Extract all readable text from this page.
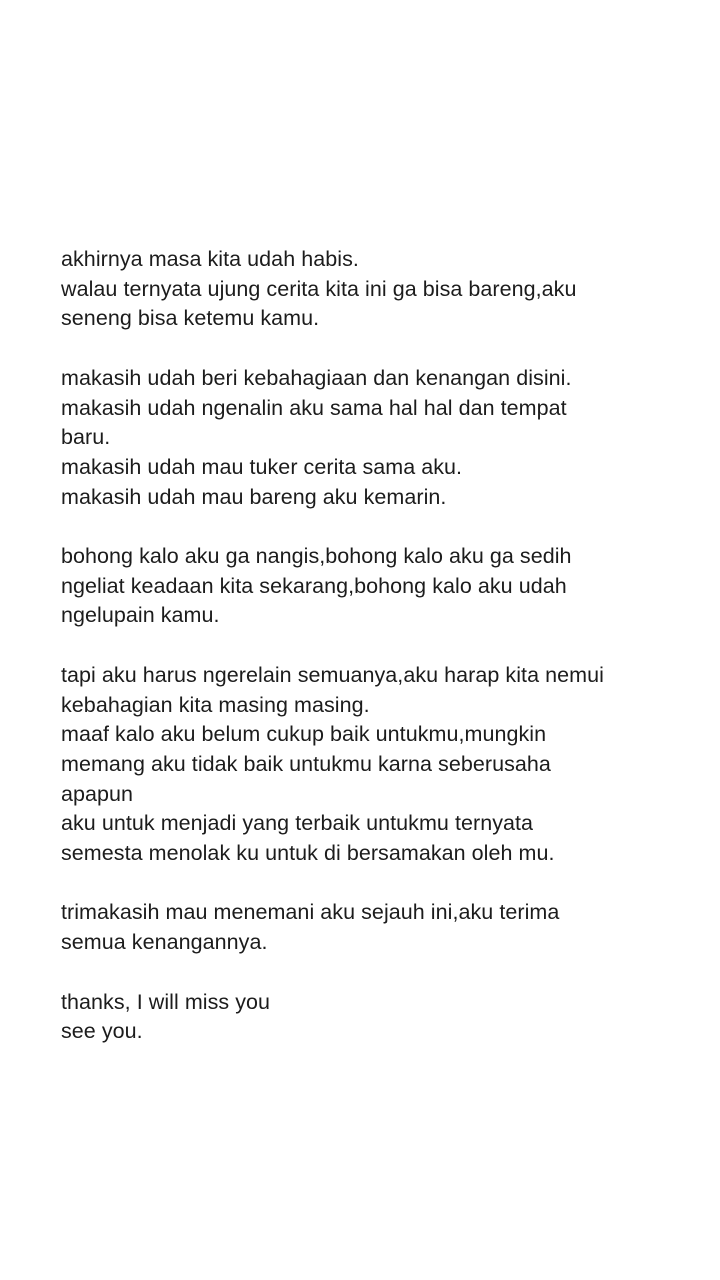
akhirnya masa kita udah habis.
walau ternyata ujung cerita kita ini ga bisa bareng,aku
seneng bisa ketemu kamu.

makasih udah beri kebahagiaan dan kenangan disini.
makasih udah ngenalin aku sama hal hal dan tempat
baru.
makasih udah mau tuker cerita sama aku.
makasih udah mau bareng aku kemarin.

bohong kalo aku ga nangis,bohong kalo aku ga sedih
ngeliat keadaan kita sekarang,bohong kalo aku udah
ngelupain kamu.

tapi aku harus ngerelain semuanya,aku harap kita nemui
kebahagian kita masing masing.
maaf kalo aku belum cukup baik untukmu,mungkin
memang aku tidak baik untukmu karna seberusaha
apapun
aku untuk menjadi yang terbaik untukmu ternyata
semesta menolak ku untuk di bersamakan oleh mu.

trimakasih mau menemani aku sejauh ini,aku terima
semua kenangannya.

thanks, I will miss you
see you.
